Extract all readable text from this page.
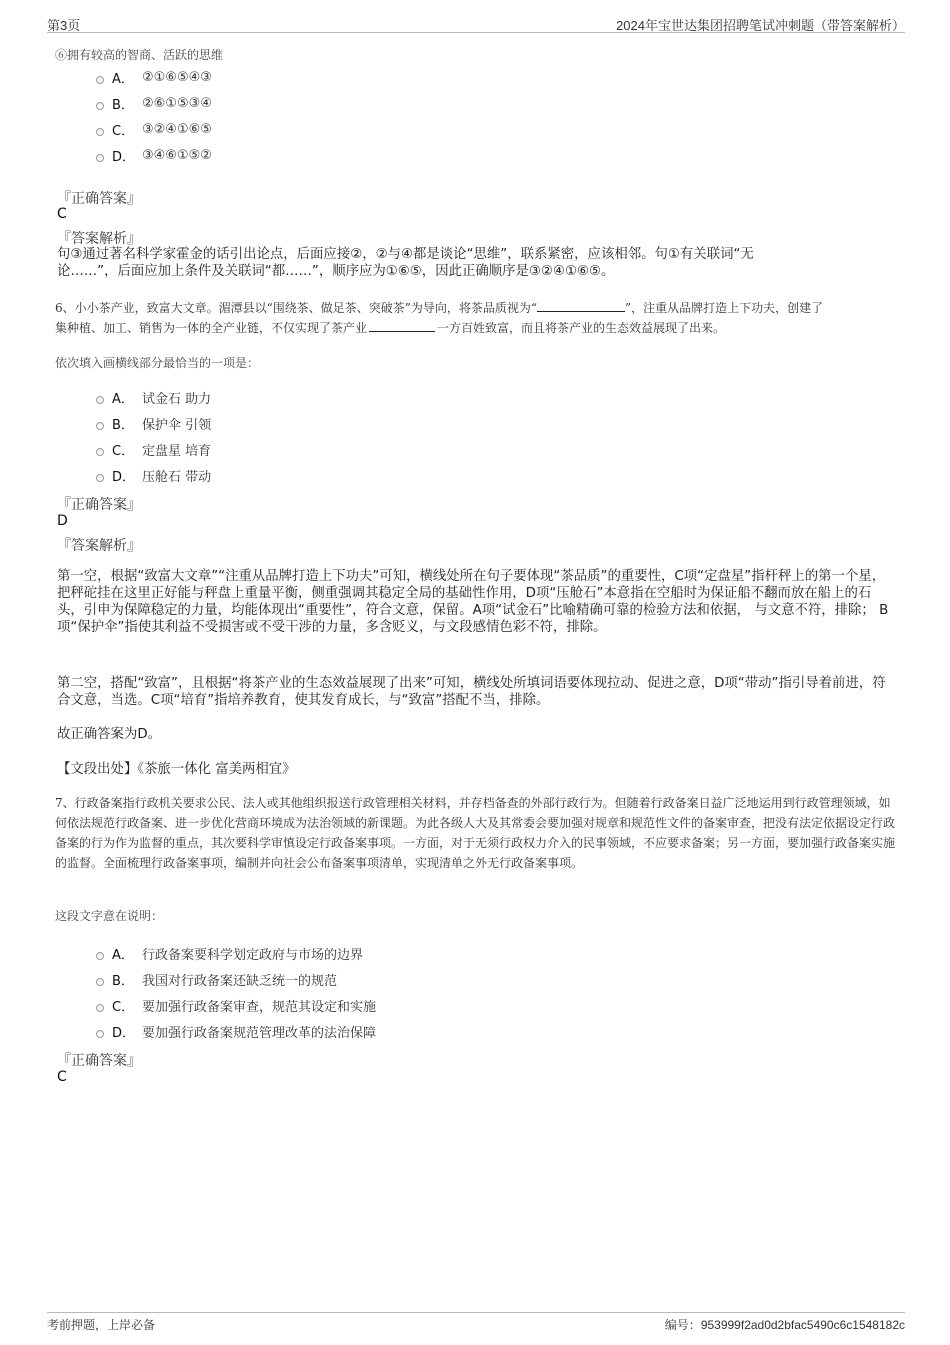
第3页	2024年宝世达集团招聘笔试冲刺题（带答案解析）
⑥拥有较高的智商、活跃的思维
A． ②①⑥⑤④③
B． ②⑥①⑤③④
C． ③②④①⑥⑤
D． ③④⑥①⑤②
『正确答案』
C
『答案解析』
句③通过著名科学家霍金的话引出论点，后面应接②，②与④都是谈论“思维”，联系紧密，应该相邻。句①有关联词“无
论……”，后面应加上条件及关联词“都……”，顺序应为①⑥⑤，因此正确顺序是③②④①⑥⑤。
6、小小茶产业，致富大文章。湄潭县以“围绕茶、做足茶、突破茶”为导向，将茶品质视为“	”，注重从品牌打造上下功夫，创建了
集种植、加工、销售为一体的全产业链，不仅实现了茶产业	一方百姓致富，而且将茶产业的生态效益展现了出来。
依次填入画横线部分最恰当的一项是：
A． 试金石 助力
B． 保护伞 引领
C． 定盘星 培育
D． 压舱石 带动
『正确答案』
D
『答案解析』
第一空，根据“致富大文章”“注重从品牌打造上下功夫”可知，横线处所在句子要体现“茶品质”的重要性，C项“定盘星”指杆秤上的第一个星，把秤砣挂在这里正好能与秤盘上重量平衡，侧重强调其稳定全局的基础性作用，D项“压舱石”本意指在空船时为保证船不翻而放在船上的石头，引申为保障稳定的力量，均能体现出“重要性”，符合文意，保留。A项“试金石”比喻精确可靠的检验方法和依据， 与文意不符，排除； B项“保护伞”指使其利益不受损害或不受干涉的力量，多含贬义，与文段感情色彩不符，排除。
第二空，搭配“致富”，且根据“将茶产业的生态效益展现了出来”可知，横线处所填词语要体现拉动、促进之意，D项“带动”指引导着前进，符合文意，当选。C项“培育”指培养教育，使其发育成长，与“致富”搭配不当，排除。
故正确答案为D。
【文段出处】《茶旅一体化 富美两相宜》
7、行政备案指行政机关要求公民、法人或其他组织报送行政管理相关材料，并存档备查的外部行政行为。但随着行政备案日益广泛地运用到行政管理领域，如何依法规范行政备案、进一步优化营商环境成为法治领域的新课题。为此各级人大及其常委会要加强对规章和规范性文件的备案审查，把没有法定依据设定行政备案的行为作为监督的重点，其次要科学审慎设定行政备案事项。一方面，对于无须行政权力介入的民事领域，不应要求备案；另一方面，要加强行政备案实施的监督。全面梳理行政备案事项，编制并向社会公布备案事项清单，实现清单之外无行政备案事项。
这段文字意在说明：
A． 行政备案要科学划定政府与市场的边界
B． 我国对行政备案还缺乏统一的规范
C． 要加强行政备案审查，规范其设定和实施
D． 要加强行政备案规范管理改革的法治保障
『正确答案』
C
考前押题，上岸必备	编号：953999f2ad0d2bfac5490c6c1548182c
